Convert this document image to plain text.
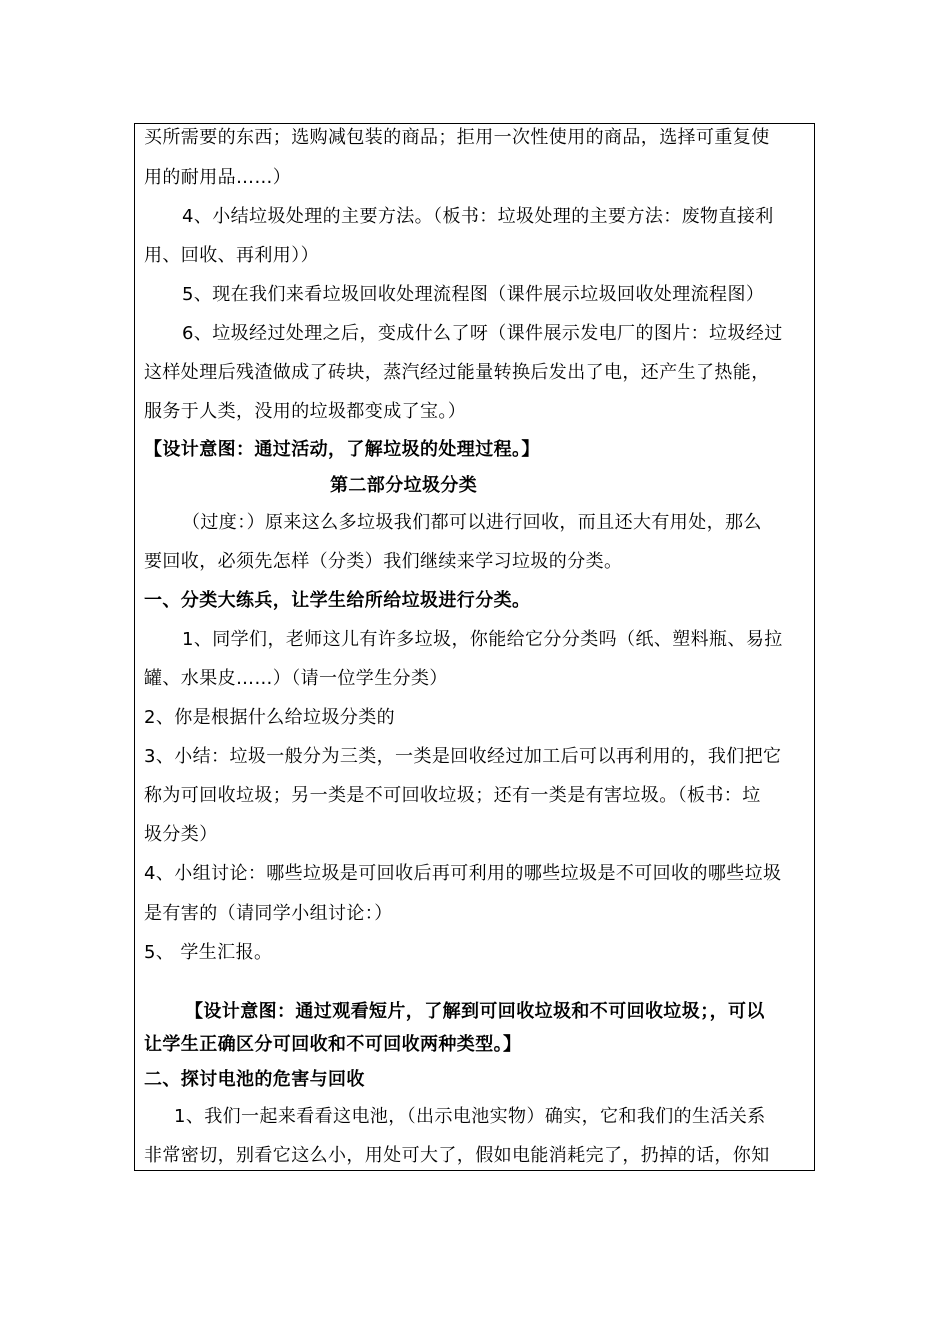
买所需要的东西；选购减包装的商品；拒用一次性使用的商品，选择可重复使
用的耐用品……）
4、小结垃圾处理的主要方法。（板书：垃圾处理的主要方法：废物直接利
用、回收、再利用））
5、现在我们来看垃圾回收处理流程图（课件展示垃圾回收处理流程图）
6、垃圾经过处理之后，变成什么了呀（课件展示发电厂的图片：垃圾经过
这样处理后残渣做成了砖块，蒸汽经过能量转换后发出了电，还产生了热能，
服务于人类，没用的垃圾都变成了宝。）
【设计意图：通过活动，了解垃圾的处理过程。】
第二部分垃圾分类
（过度：）原来这么多垃圾我们都可以进行回收，而且还大有用处，那么
要回收，必须先怎样（分类）我们继续来学习垃圾的分类。
一、分类大练兵，让学生给所给垃圾进行分类。
1、同学们，老师这儿有许多垃圾，你能给它分分类吗（纸、塑料瓶、易拉
罐、水果皮……）（请一位学生分类）
2、你是根据什么给垃圾分类的
3、小结：垃圾一般分为三类，一类是回收经过加工后可以再利用的，我们把它
称为可回收垃圾；另一类是不可回收垃圾；还有一类是有害垃圾。（板书：垃
圾分类）
4、小组讨论：哪些垃圾是可回收后再可利用的哪些垃圾是不可回收的哪些垃圾
是有害的（请同学小组讨论：）
5、 学生汇报。
【设计意图：通过观看短片，了解到可回收垃圾和不可回收垃圾；，可以
让学生正确区分可回收和不可回收两种类型。】
二、探讨电池的危害与回收
1、我们一起来看看这电池，（出示电池实物）确实，它和我们的生活关系
非常密切，别看它这么小，用处可大了，假如电能消耗完了，扔掉的话，你知
